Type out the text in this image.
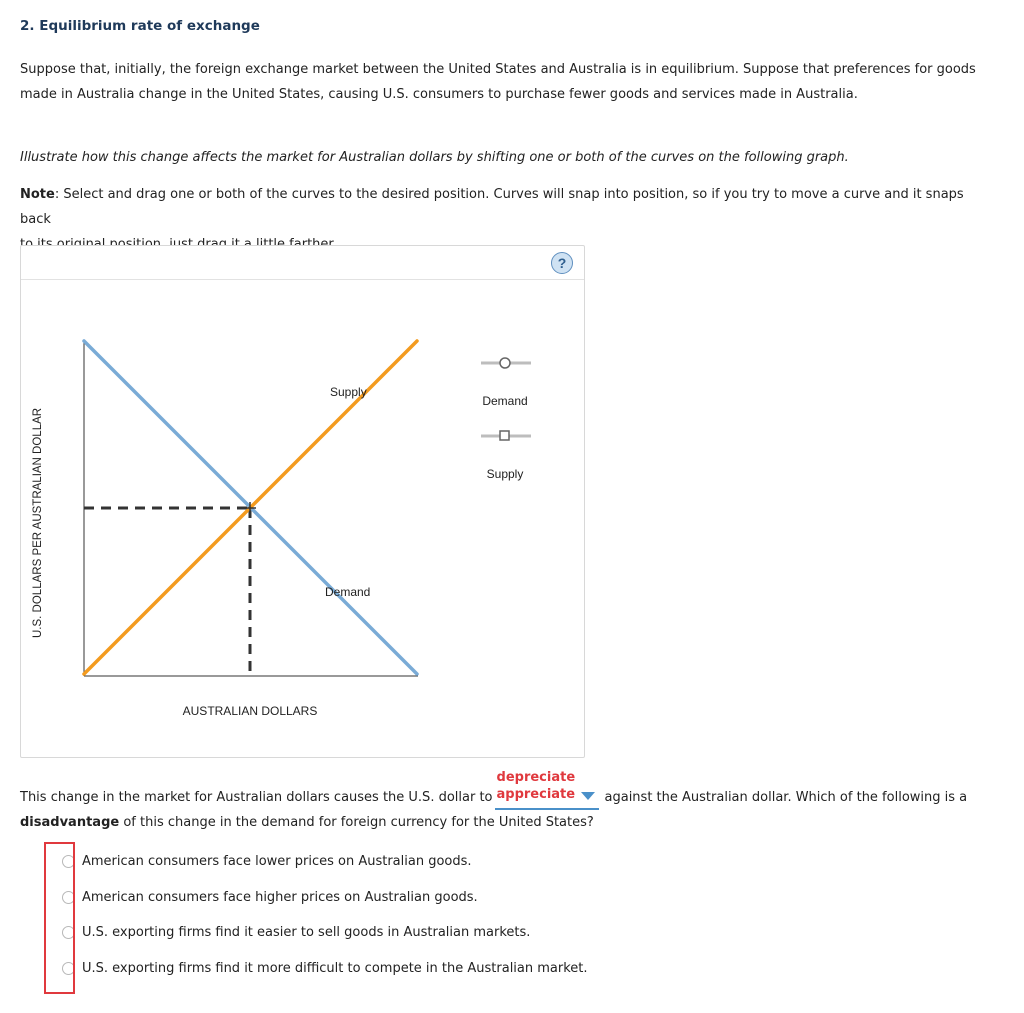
2. Equilibrium rate of exchange
Suppose that, initially, the foreign exchange market between the United States and Australia is in equilibrium. Suppose that preferences for goods
made in Australia change in the United States, causing U.S. consumers to purchase fewer goods and services made in Australia.
Illustrate how this change affects the market for Australian dollars by shifting one or both of the curves on the following graph.
Note: Select and drag one or both of the curves to the desired position. Curves will snap into position, so if you try to move a curve and it snaps back
?
Supply
Demand
U.S. DOLLARS PER AUSTRALIAN DOLLAR
AUSTRALIAN DOLLARS
Demand
Supply
This change in the market for Australian dollars causes the U.S. dollar to
depreciate
appreciate against the Australian dollar. Which of the following is a
disadvantage of this change in the demand for foreign currency for the United States?
American consumers face lower prices on Australian goods.
American consumers face higher prices on Australian goods.
U.S. exporting firms find it easier to sell goods in Australian markets.
U.S. exporting firms find it more difficult to compete in the Australian market.
